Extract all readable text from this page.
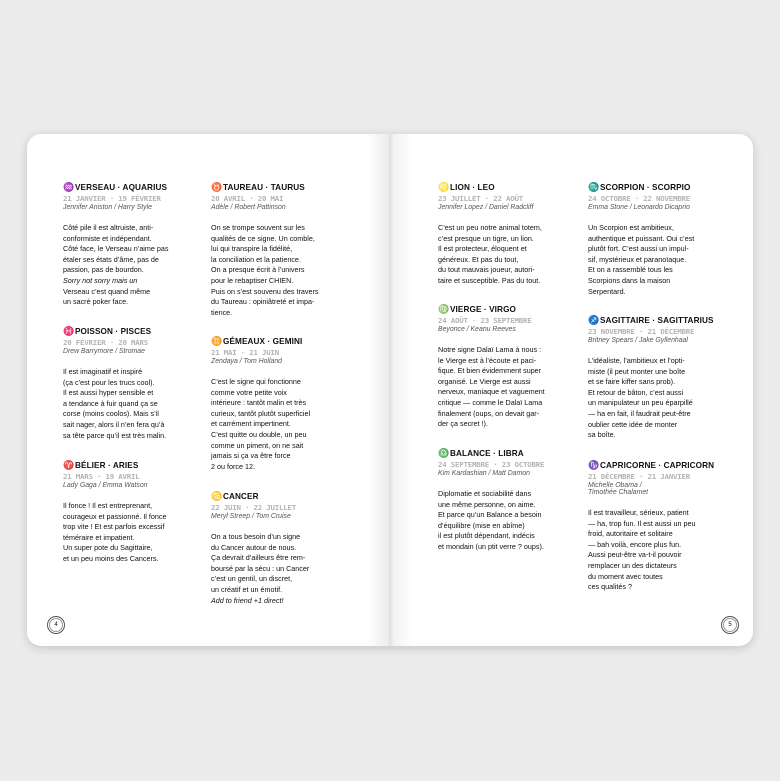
♒ VERSEAU · AQUARIUS
21 JANVIER · 19 FÉVRIER
Jennifer Aniston / Harry Style
Côté pile il est altruiste, anti-
conformiste et indépendant.
Côté face, le Verseau n’aime pas
étaler ses états d’âme, pas de
passion, pas de bourdon.
Sorry not sorry mais un
Verseau c’est quand même
un sacré poker face.
♓ POISSON · PISCES
20 FÉVRIER · 20 MARS
Drew Barrymore / Stromae
Il est imaginatif et inspiré
(ça c’est pour les trucs cool).
Il est aussi hyper sensible et
a tendance à fuir quand ça se
corse (moins coolos). Mais s’il
sait nager, alors il n’en fera qu’à
sa tête parce qu’il est très malin.
♈ BÉLIER · ARIES
21 MARS · 19 AVRIL
Lady Gaga / Emma Watson
Il fonce ! Il est entreprenant,
courageux et passionné. Il fonce
trop vite ! Et est parfois excessif
téméraire et impatient.
Un super pote du Sagittaire,
et un peu moins des Cancers.
♉ TAUREAU · TAURUS
20 AVRIL · 20 MAI
Adèle / Robert Pattinson
On se trompe souvent sur les
qualités de ce signe. Un comble,
lui qui transpire la fidélité,
la conciliation et la patience.
On a presque écrit à l’univers
pour le rebaptiser CHIEN.
Puis on s’est souvenu des travers
du Taureau : opiniâtreté et impa-
tience.
♊ GÉMEAUX · GEMINI
21 MAI · 21 JUIN
Zendaya / Tom Holland
C’est le signe qui fonctionne
comme votre petite voix
intérieure : tantôt malin et très
curieux, tantôt plutôt superficiel
et carrément impertinent.
C’est quitte ou double, un peu
comme un piment, on ne sait
jamais si ça va être force
2 ou force 12.
♋ CANCER
22 JUIN · 22 JUILLET
Meryl Streep / Tom Cruise
On a tous besoin d’un signe
du Cancer autour de nous.
Ça devrait d’ailleurs être rem-
boursé par la sécu : un Cancer
c’est un gentil, un discret,
un créatif et un émotif.
Add to friend +1 direct!
♌ LION · LEO
23 JUILLET · 22 AOÛT
Jennifer Lopez / Daniel Radcliff
C’est un peu notre animal totem,
c’est presque un tigre, un lion.
Il est protecteur, éloquent et
généreux. Et pas du tout,
du tout mauvais joueur, autori-
taire et susceptible. Pas du tout.
♍ VIERGE · VIRGO
24 AOÛT · 23 SEPTEMBRE
Beyonce / Keanu Reeves
Notre signe Dalaï Lama à nous :
le Vierge est à l’écoute et paci-
fique. Et bien évidemment super
organisé. Le Vierge est aussi
nerveux, maniaque et vaguement
critique — comme le Dalaï Lama
finalement (oups, on devait gar-
der ça secret !).
♎ BALANCE · LIBRA
24 SEPTEMBRE · 23 OCTOBRE
Kim Kardashian / Matt Damon
Diplomatie et sociabilité dans
une même personne, on aime.
Et parce qu’un Balance a besoin
d’équilibre (mise en abîme)
il est plutôt dépendant, indécis
et mondain (un ptit verre ? oups).
♏ SCORPION · SCORPIO
24 OCTOBRE · 22 NOVEMBRE
Emma Stone / Leonardo Dicaprio
Un Scorpion est ambitieux,
authentique et puissant. Oui c’est
plutôt fort. C’est aussi un impul-
sif, mystérieux et paranoïaque.
Et on a rassemblé tous les
Scorpions dans la maison
Serpentard.
♐ SAGITTAIRE · SAGITTARIUS
23 NOVEMBRE · 21 DÉCEMBRE
Britney Spears / Jake Gyllenhaal
L’idéaliste, l’ambitieux et l’opti-
miste (il peut monter une boîte
et se faire kiffer sans prob).
Et retour de bâton, c’est aussi
un manipulateur un peu éparpillé
— ha en fait, il faudrait peut-être
oublier cette idée de monter
sa boîte.
♑ CAPRICORNE · CAPRICORN
21 DÉCEMBRE · 21 JANVIER
Michelle Obama /
Timothée Chalamet
Il est travailleur, sérieux, patient
— ha, trop fun. Il est aussi un peu
froid, autoritaire et solitaire
— bah voilà, encore plus fun.
Aussi peut-être va-t-il pouvoir
remplacer un des dictateurs
du moment avec toutes
ces qualités ?
4	5
